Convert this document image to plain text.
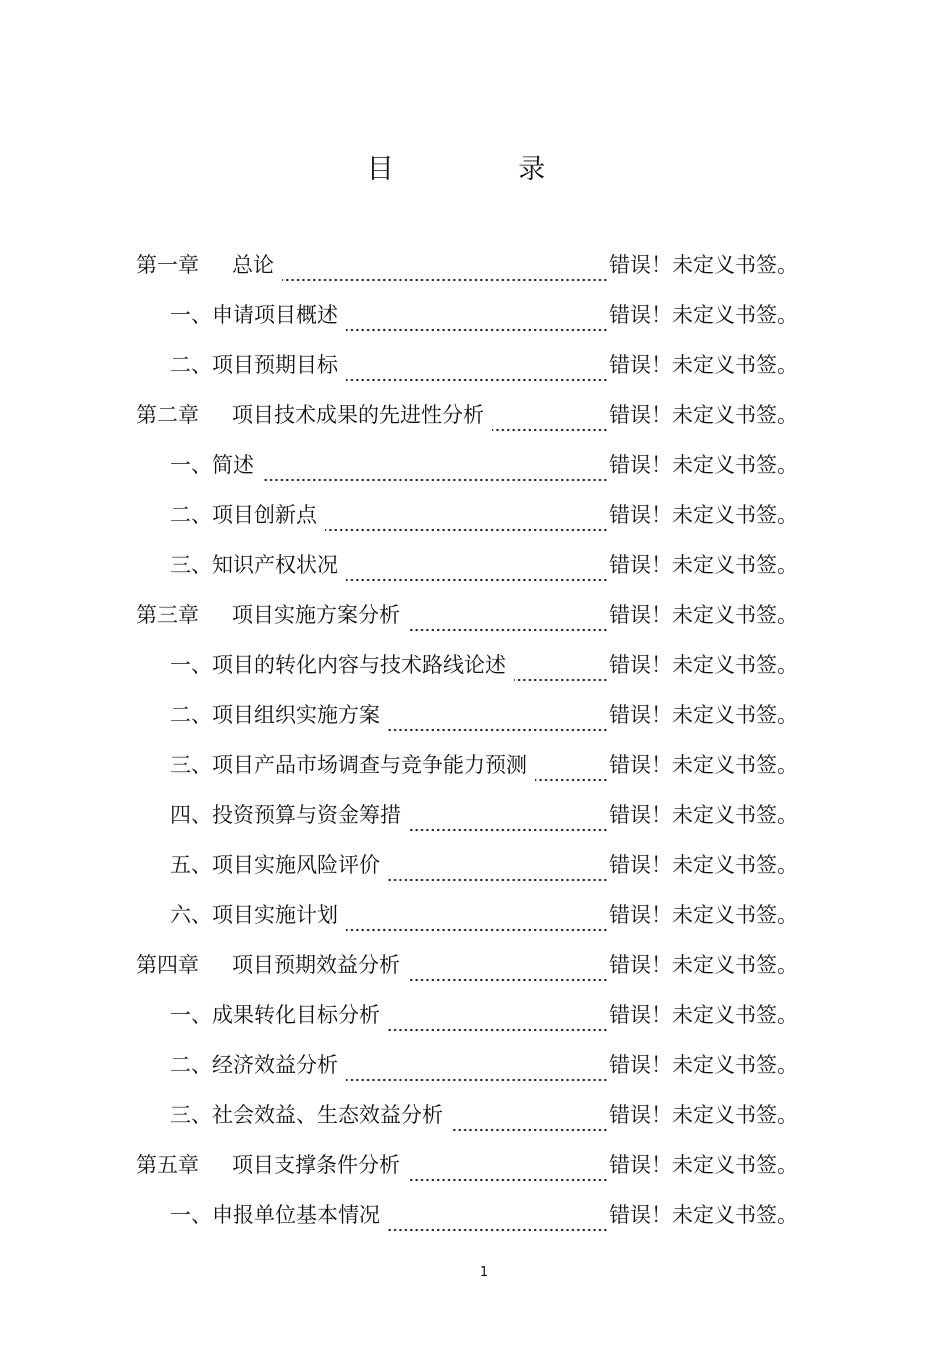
目 录
第一章	总论	错误！未定义书签。
一、 申请项目概述	错误！未定义书签。
二、 项目预期目标	错误！未定义书签。
第二章	项目技术成果的先进性分析	错误！未定义书签。
一、 简述	错误！未定义书签。
二、 项目创新点	错误！未定义书签。
三、 知识产权状况	错误！未定义书签。
第三章	项目实施方案分析	错误！未定义书签。
一、 项目的转化内容与技术路线论述	错误！未定义书签。
二、 项目组织实施方案	错误！未定义书签。
三、 项目产品市场调查与竞争能力预测	错误！未定义书签。
四、 投资预算与资金筹措	错误！未定义书签。
五、 项目实施风险评价	错误！未定义书签。
六、 项目实施计划	错误！未定义书签。
第四章	项目预期效益分析	错误！未定义书签。
一、 成果转化目标分析	错误！未定义书签。
二、 经济效益分析	错误！未定义书签。
三、 社会效益、生态效益分析	错误！未定义书签。
第五章	项目支撑条件分析	错误！未定义书签。
一、 申报单位基本情况	错误！未定义书签。
1
